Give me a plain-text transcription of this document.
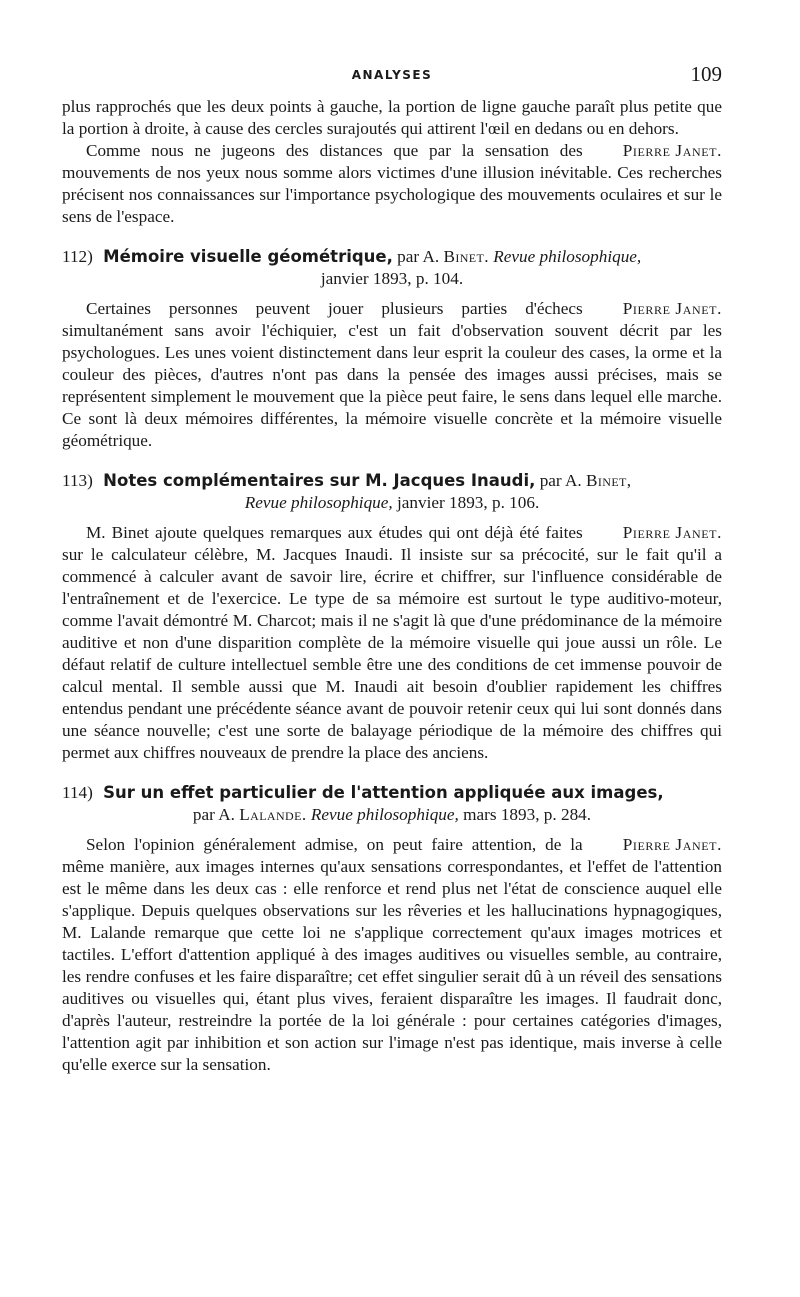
ANALYSES	109

plus rapprochés que les deux points à gauche, la portion de ligne gauche paraît plus petite que la portion à droite, à cause des cercles surajoutés qui attirent l'œil en dedans ou en dehors.

Pierre Janet.
Comme nous ne jugeons des distances que par la sensation des mouvements de nos yeux nous somme alors victimes d'une illusion inévitable. Ces recherches précisent nos connaissances sur l'importance psychologique des mouvements oculaires et sur le sens de l'espace.

112) Mémoire visuelle géométrique, par A. Binet. Revue philosophique,
janvier 1893, p. 104.

Pierre Janet.
Certaines personnes peuvent jouer plusieurs parties d'échecs simultanément sans avoir l'échiquier, c'est un fait d'observation souvent décrit par les psychologues. Les unes voient distinctement dans leur esprit la couleur des cases, la orme et la couleur des pièces, d'autres n'ont pas dans la pensée des images aussi précises, mais se représentent simplement le mouvement que la pièce peut faire, le sens dans lequel elle marche. Ce sont là deux mémoires différentes, la mémoire visuelle concrète et la mémoire visuelle géométrique.

113) Notes complémentaires sur M. Jacques Inaudi, par A. Binet,
Revue philosophique, janvier 1893, p. 106.

Pierre Janet.
M. Binet ajoute quelques remarques aux études qui ont déjà été faites sur le calculateur célèbre, M. Jacques Inaudi. Il insiste sur sa précocité, sur le fait qu'il a commencé à calculer avant de savoir lire, écrire et chiffrer, sur l'influence considérable de l'entraînement et de l'exercice. Le type de sa mémoire est surtout le type auditivo-moteur, comme l'avait démontré M. Charcot; mais il ne s'agit là que d'une prédominance de la mémoire auditive et non d'une disparition complète de la mémoire visuelle qui joue aussi un rôle. Le défaut relatif de culture intellectuel semble être une des conditions de cet immense pouvoir de calcul mental. Il semble aussi que M. Inaudi ait besoin d'oublier rapidement les chiffres entendus pendant une précédente séance avant de pouvoir retenir ceux qui lui sont donnés dans une séance nouvelle; c'est une sorte de balayage périodique de la mémoire des chiffres qui permet aux chiffres nouveaux de prendre la place des anciens.

114) Sur un effet particulier de l'attention appliquée aux images,
par A. Lalande. Revue philosophique, mars 1893, p. 284.

Pierre Janet.
Selon l'opinion généralement admise, on peut faire attention, de la même manière, aux images internes qu'aux sensations correspondantes, et l'effet de l'attention est le même dans les deux cas : elle renforce et rend plus net l'état de conscience auquel elle s'applique. Depuis quelques observations sur les rêveries et les hallucinations hypnagogiques, M. Lalande remarque que cette loi ne s'applique correctement qu'aux images motrices et tactiles. L'effort d'attention appliqué à des images auditives ou visuelles semble, au contraire, les rendre confuses et les faire disparaître; cet effet singulier serait dû à un réveil des sensations auditives ou visuelles qui, étant plus vives, feraient disparaître les images. Il faudrait donc, d'après l'auteur, restreindre la portée de la loi générale : pour certaines catégories d'images, l'attention agit par inhibition et son action sur l'image n'est pas identique, mais inverse à celle qu'elle exerce sur la sensation.
